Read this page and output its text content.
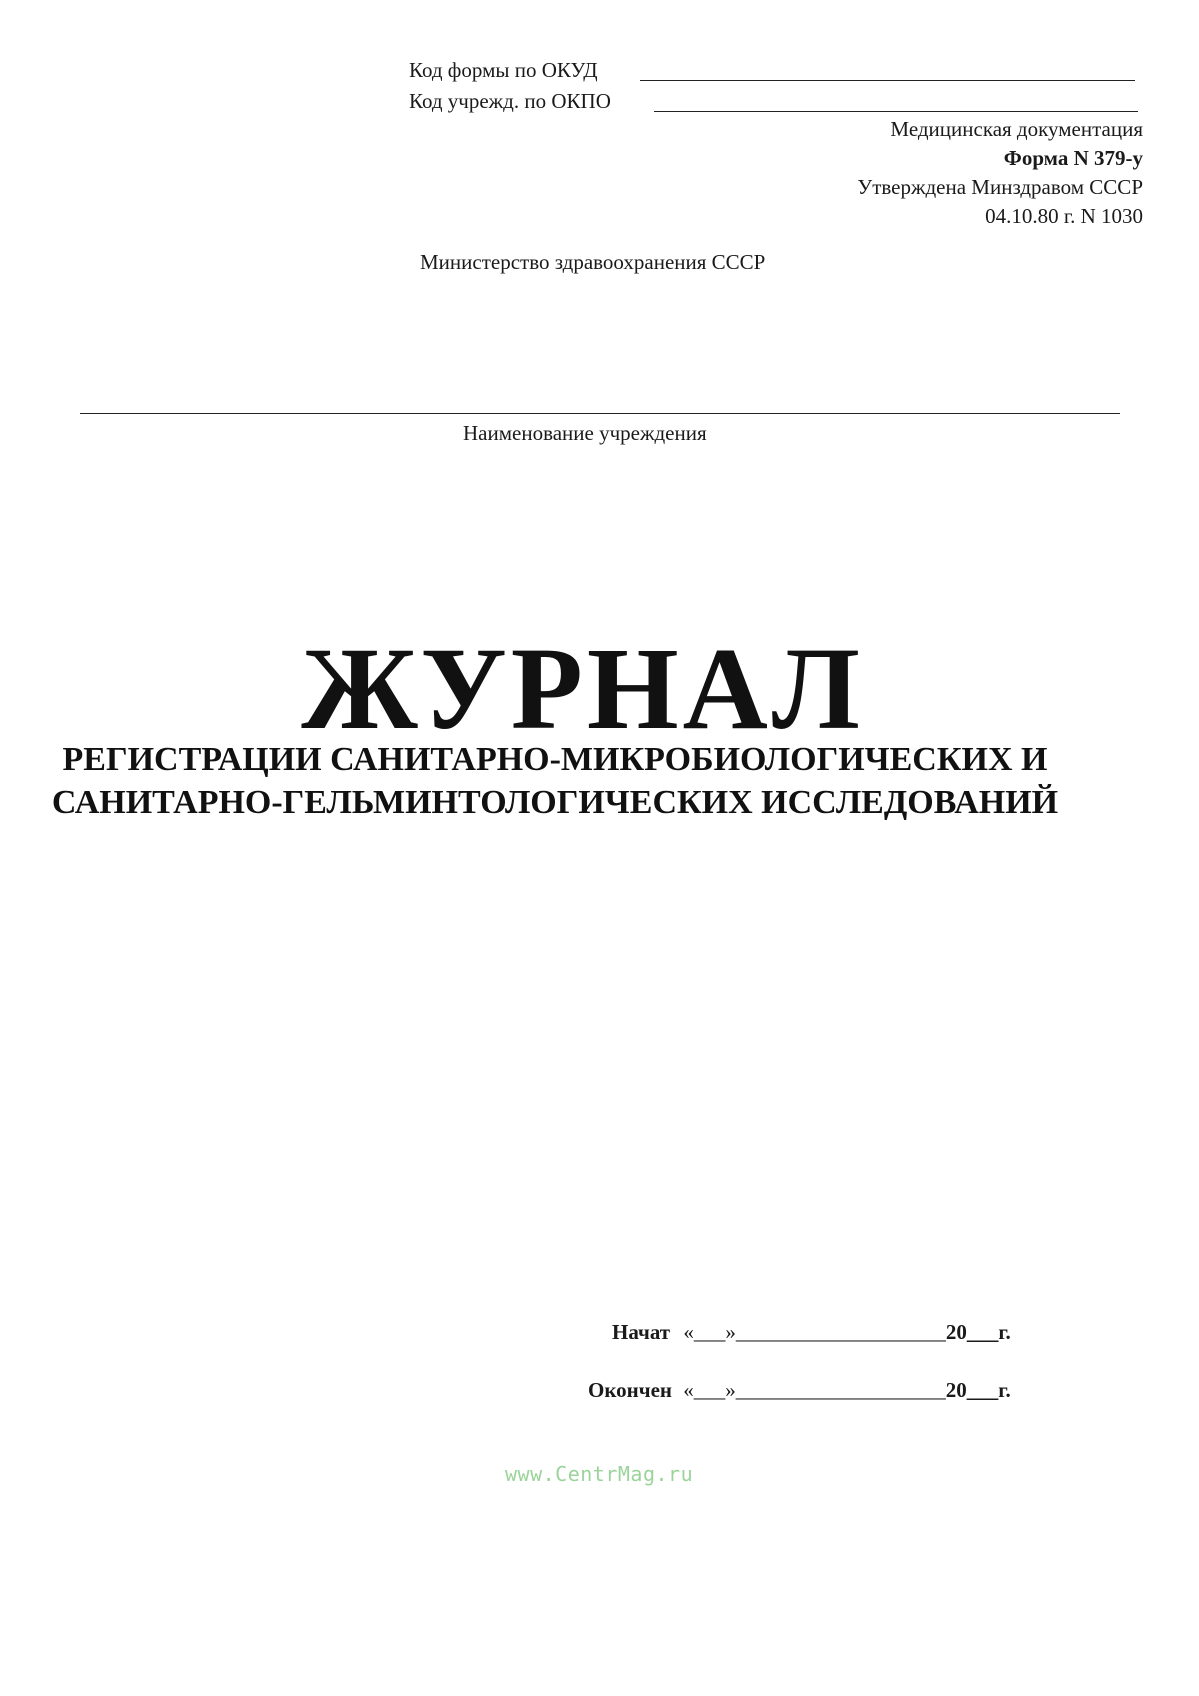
Код формы по ОКУД
Код учрежд. по ОКПО
Медицинская документация
Форма N 379-у
Утверждена Минздравом СССР
04.10.80 г. N 1030
Министерство здравоохранения СССР
Наименование учреждения
ЖУРНАЛ
РЕГИСТРАЦИИ САНИТАРНО-МИКРОБИОЛОГИЧЕСКИХ И
САНИТАРНО-ГЕЛЬМИНТОЛОГИЧЕСКИХ ИССЛЕДОВАНИЙ
Начат «___»____________________20___г.
Окончен «___»____________________20___г.
www.CentrMag.ru
